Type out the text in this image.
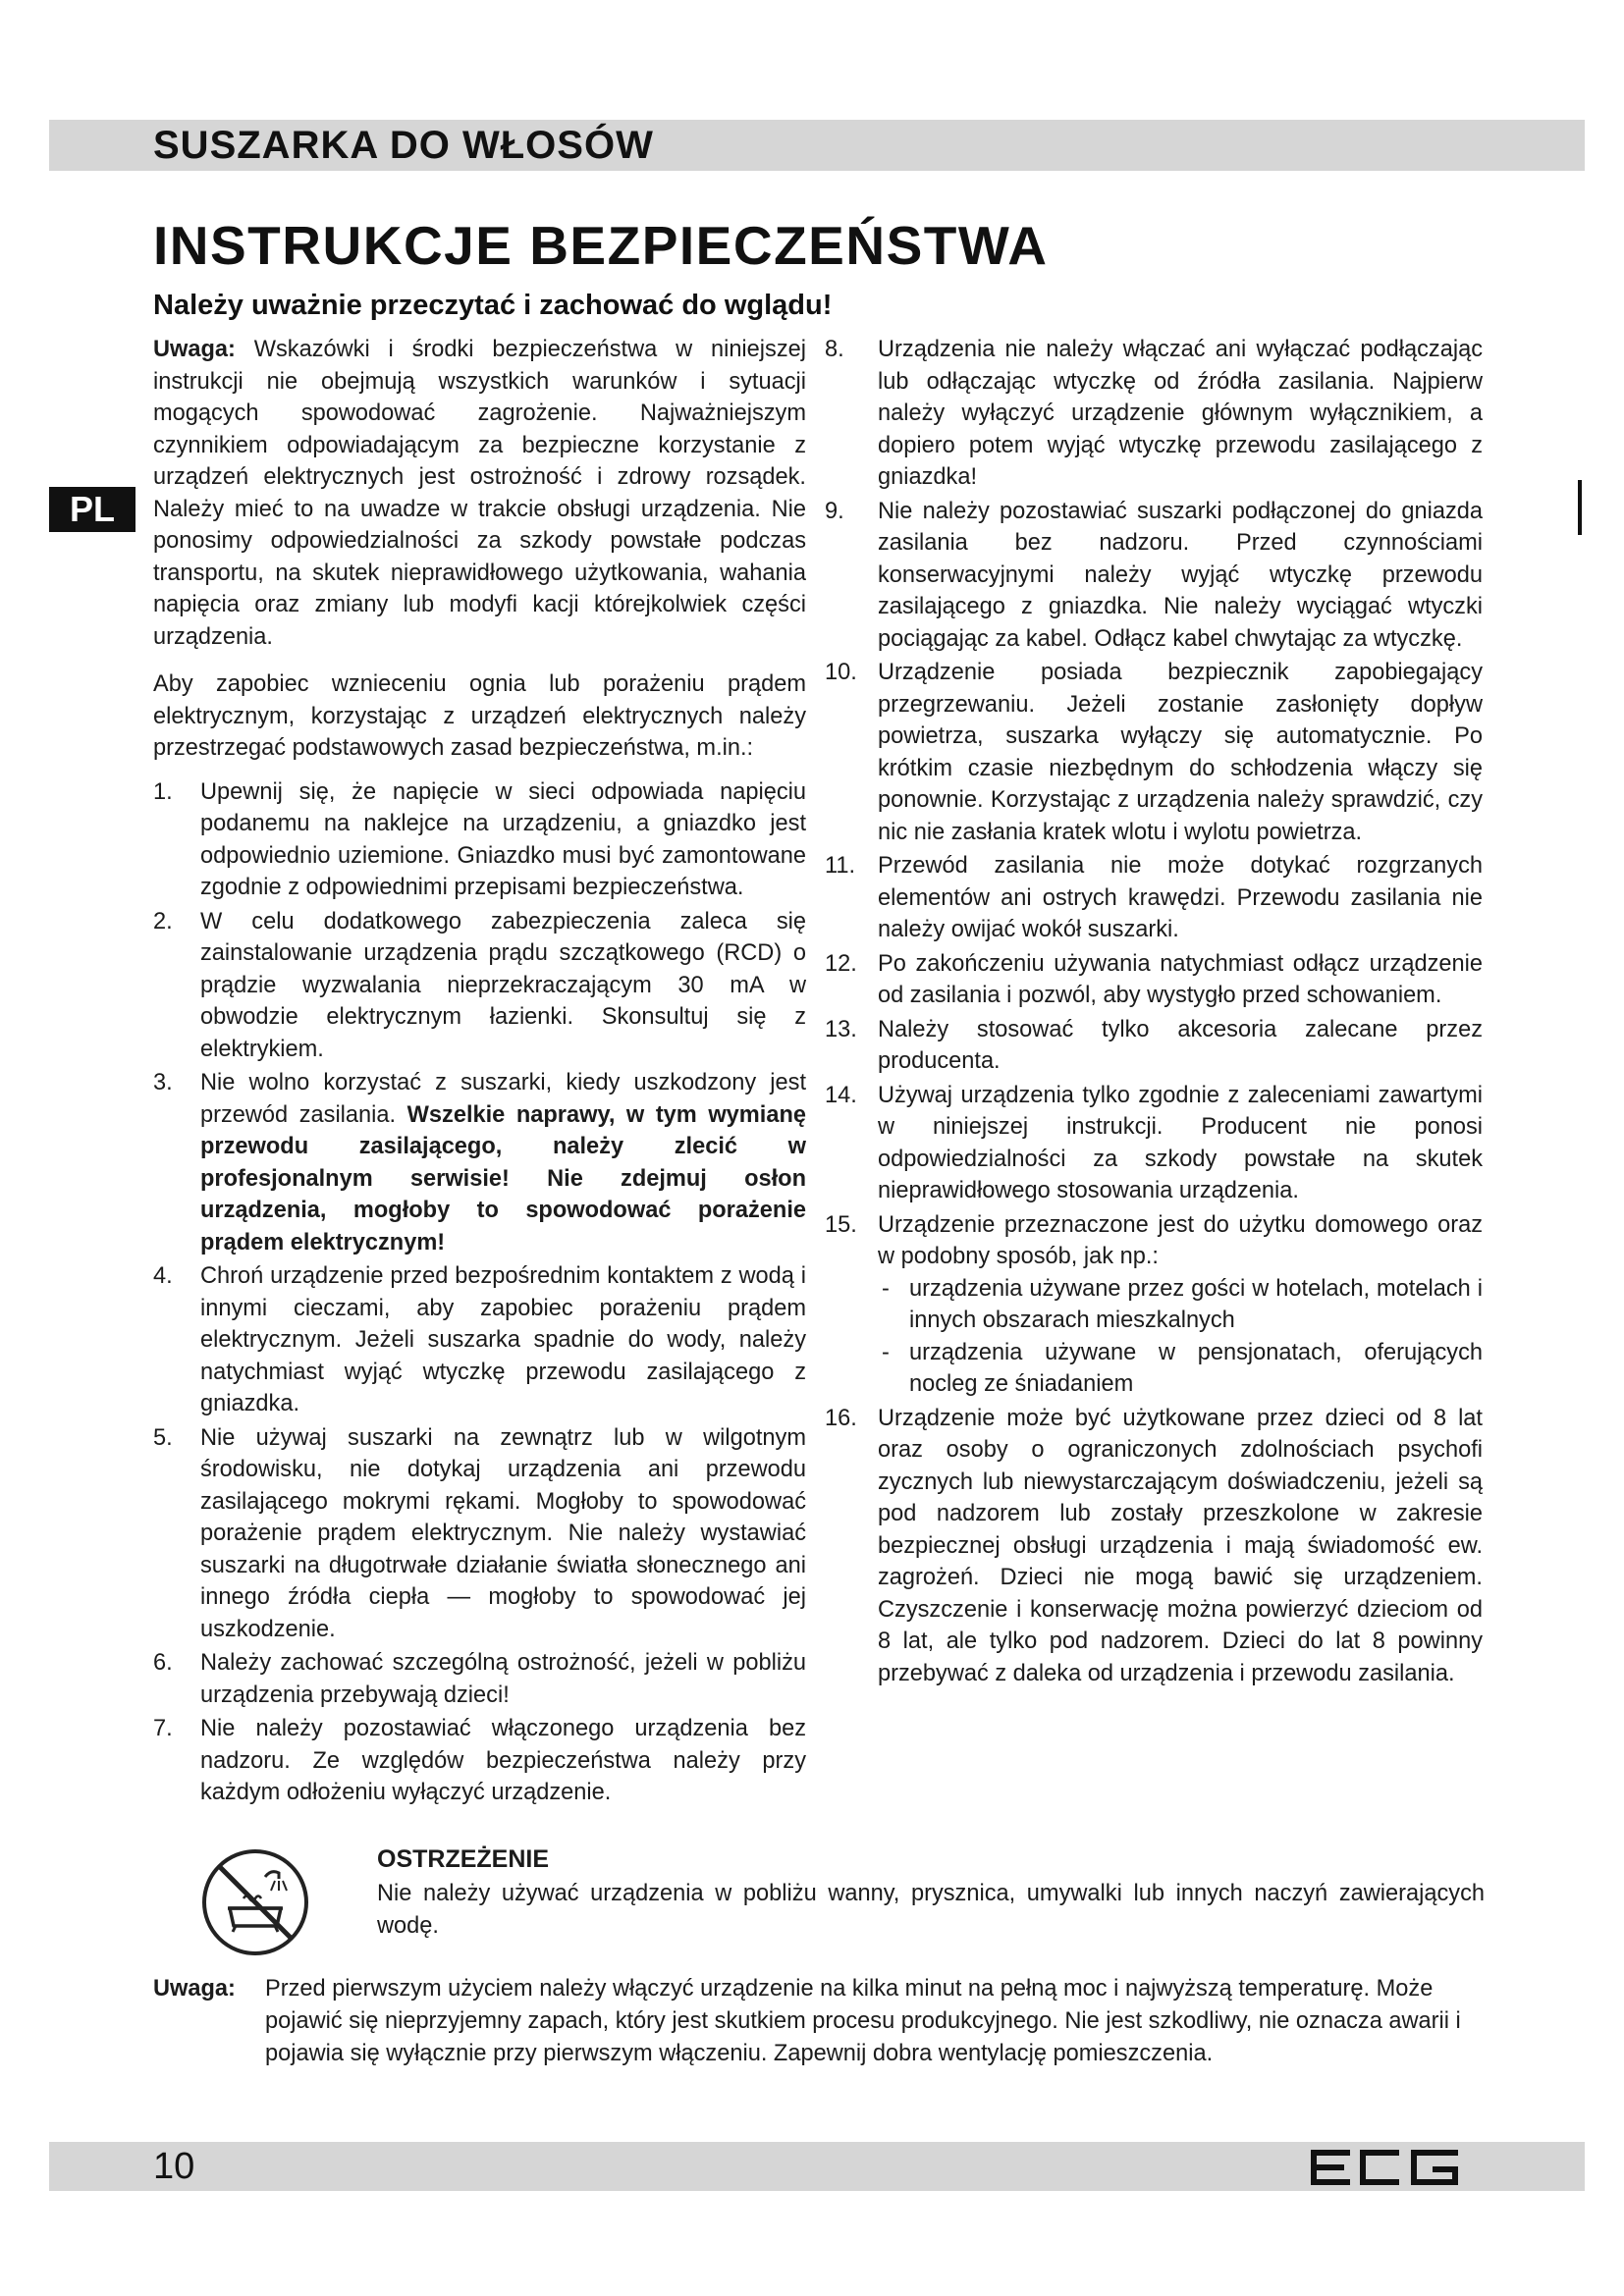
SUSZARKA DO WŁOSÓW
INSTRUKCJE BEZPIECZEŃSTWA
Należy uważnie przeczytać i zachować do wglądu!
PL

Uwaga: Wskazówki i środki bezpieczeństwa w niniejszej instrukcji nie obejmują wszystkich warunków i sytuacji mogących spowodować zagrożenie. Najważniejszym czynnikiem odpowiadającym za bezpieczne korzystanie z urządzeń elektrycznych jest ostrożność i zdrowy rozsądek. Należy mieć to na uwadze w trakcie obsługi urządzenia. Nie ponosimy odpowiedzialności za szkody powstałe podczas transportu, na skutek nieprawidłowego użytkowania, wahania napięcia oraz zmiany lub modyfi kacji którejkolwiek części urządzenia.

Aby zapobiec wznieceniu ognia lub porażeniu prądem elektrycznym, korzystając z urządzeń elektrycznych należy przestrzegać podstawowych zasad bezpieczeństwa, m.in.:

1. Upewnij się, że napięcie w sieci odpowiada napięciu podanemu na naklejce na urządzeniu, a gniazdko jest odpowiednio uziemione. Gniazdko musi być zamontowane zgodnie z odpowiednimi przepisami bezpieczeństwa.
2. W celu dodatkowego zabezpieczenia zaleca się zainstalowanie urządzenia prądu szczątkowego (RCD) o prądzie wyzwalania nieprzekraczającym 30 mA w obwodzie elektrycznym łazienki. Skonsultuj się z elektrykiem.
3. Nie wolno korzystać z suszarki, kiedy uszkodzony jest przewód zasilania. Wszelkie naprawy, w tym wymianę przewodu zasilającego, należy zlecić w profesjonalnym serwisie! Nie zdejmuj osłon urządzenia, mogłoby to spowodować porażenie prądem elektrycznym!
4. Chroń urządzenie przed bezpośrednim kontaktem z wodą i innymi cieczami, aby zapobiec porażeniu prądem elektrycznym. Jeżeli suszarka spadnie do wody, należy natychmiast wyjąć wtyczkę przewodu zasilającego z gniazdka.
5. Nie używaj suszarki na zewnątrz lub w wilgotnym środowisku, nie dotykaj urządzenia ani przewodu zasilającego mokrymi rękami. Mogłoby to spowodować porażenie prądem elektrycznym. Nie należy wystawiać suszarki na długotrwałe działanie światła słonecznego ani innego źródła ciepła — mogłoby to spowodować jej uszkodzenie.
6. Należy zachować szczególną ostrożność, jeżeli w pobliżu urządzenia przebywają dzieci!
7. Nie należy pozostawiać włączonego urządzenia bez nadzoru. Ze względów bezpieczeństwa należy przy każdym odłożeniu wyłączyć urządzenie.
8. Urządzenia nie należy włączać ani wyłączać podłączając lub odłączając wtyczkę od źródła zasilania. Najpierw należy wyłączyć urządzenie głównym wyłącznikiem, a dopiero potem wyjąć wtyczkę przewodu zasilającego z gniazdka!
9. Nie należy pozostawiać suszarki podłączonej do gniazda zasilania bez nadzoru. Przed czynnościami konserwacyjnymi należy wyjąć wtyczkę przewodu zasilającego z gniazdka. Nie należy wyciągać wtyczki pociągając za kabel. Odłącz kabel chwytając za wtyczkę.
10. Urządzenie posiada bezpiecznik zapobiegający przegrzewaniu. Jeżeli zostanie zasłonięty dopływ powietrza, suszarka wyłączy się automatycznie. Po krótkim czasie niezbędnym do schłodzenia włączy się ponownie. Korzystając z urządzenia należy sprawdzić, czy nic nie zasłania kratek wlotu i wylotu powietrza.
11. Przewód zasilania nie może dotykać rozgrzanych elementów ani ostrych krawędzi. Przewodu zasilania nie należy owijać wokół suszarki.
12. Po zakończeniu używania natychmiast odłącz urządzenie od zasilania i pozwól, aby wystygło przed schowaniem.
13. Należy stosować tylko akcesoria zalecane przez producenta.
14. Używaj urządzenia tylko zgodnie z zaleceniami zawartymi w niniejszej instrukcji. Producent nie ponosi odpowiedzialności za szkody powstałe na skutek nieprawidłowego stosowania urządzenia.
15. Urządzenie przeznaczone jest do użytku domowego oraz w podobny sposób, jak np.:
- urządzenia używane przez gości w hotelach, motelach i innych obszarach mieszkalnych
- urządzenia używane w pensjonatach, oferujących nocleg ze śniadaniem
16. Urządzenie może być użytkowane przez dzieci od 8 lat oraz osoby o ograniczonych zdolnościach psychofi zycznych lub niewystarczającym doświadczeniu, jeżeli są pod nadzorem lub zostały przeszkolone w zakresie bezpiecznej obsługi urządzenia i mają świadomość ew. zagrożeń. Dzieci nie mogą bawić się urządzeniem. Czyszczenie i konserwację można powierzyć dzieciom od 8 lat, ale tylko pod nadzorem. Dzieci do lat 8 powinny przebywać z daleka od urządzenia i przewodu zasilania.
OSTRZEŻENIE
Nie należy używać urządzenia w pobliżu wanny, prysznica, umywalki lub innych naczyń zawierających wodę.
Uwaga: Przed pierwszym użyciem należy włączyć urządzenie na kilka minut na pełną moc i najwyższą temperaturę. Może pojawić się nieprzyjemny zapach, który jest skutkiem procesu produkcyjnego. Nie jest szkodliwy, nie oznacza awarii i pojawia się wyłącznie przy pierwszym włączeniu. Zapewnij dobra wentylację pomieszczenia.
10
